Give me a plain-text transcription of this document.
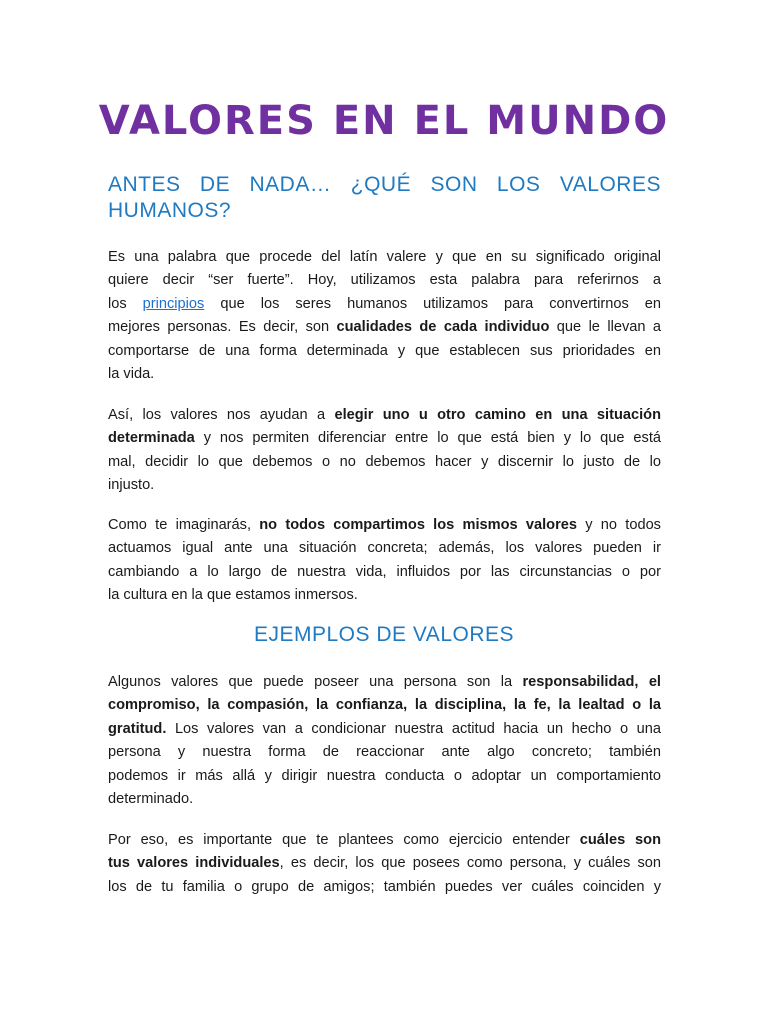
VALORES EN EL MUNDO
ANTES DE NADA… ¿QUÉ SON LOS VALORES HUMANOS?
Es una palabra que procede del latín valere y que en su significado original
quiere decir “ser fuerte”. Hoy, utilizamos esta palabra para referirnos a
los principios que los seres humanos utilizamos para convertirnos en
mejores personas. Es decir, son cualidades de cada individuo que le llevan a
comportarse de una forma determinada y que establecen sus prioridades en
la vida.
Así, los valores nos ayudan a elegir uno u otro camino en una situación
determinada y nos permiten diferenciar entre lo que está bien y lo que está
mal, decidir lo que debemos o no debemos hacer y discernir lo justo de lo
injusto.
Como te imaginarás, no todos compartimos los mismos valores y no todos
actuamos igual ante una situación concreta; además, los valores pueden ir
cambiando a lo largo de nuestra vida, influidos por las circunstancias o por
la cultura en la que estamos inmersos.
EJEMPLOS DE VALORES
Algunos valores que puede poseer una persona son la responsabilidad, el
compromiso, la compasión, la confianza, la disciplina, la fe, la lealtad o la
gratitud. Los valores van a condicionar nuestra actitud hacia un hecho o una
persona y nuestra forma de reaccionar ante algo concreto; también
podemos ir más allá y dirigir nuestra conducta o adoptar un comportamiento
determinado.
Por eso, es importante que te plantees como ejercicio entender cuáles son
tus valores individuales, es decir, los que posees como persona, y cuáles son
los de tu familia o grupo de amigos; también puedes ver cuáles coinciden y
